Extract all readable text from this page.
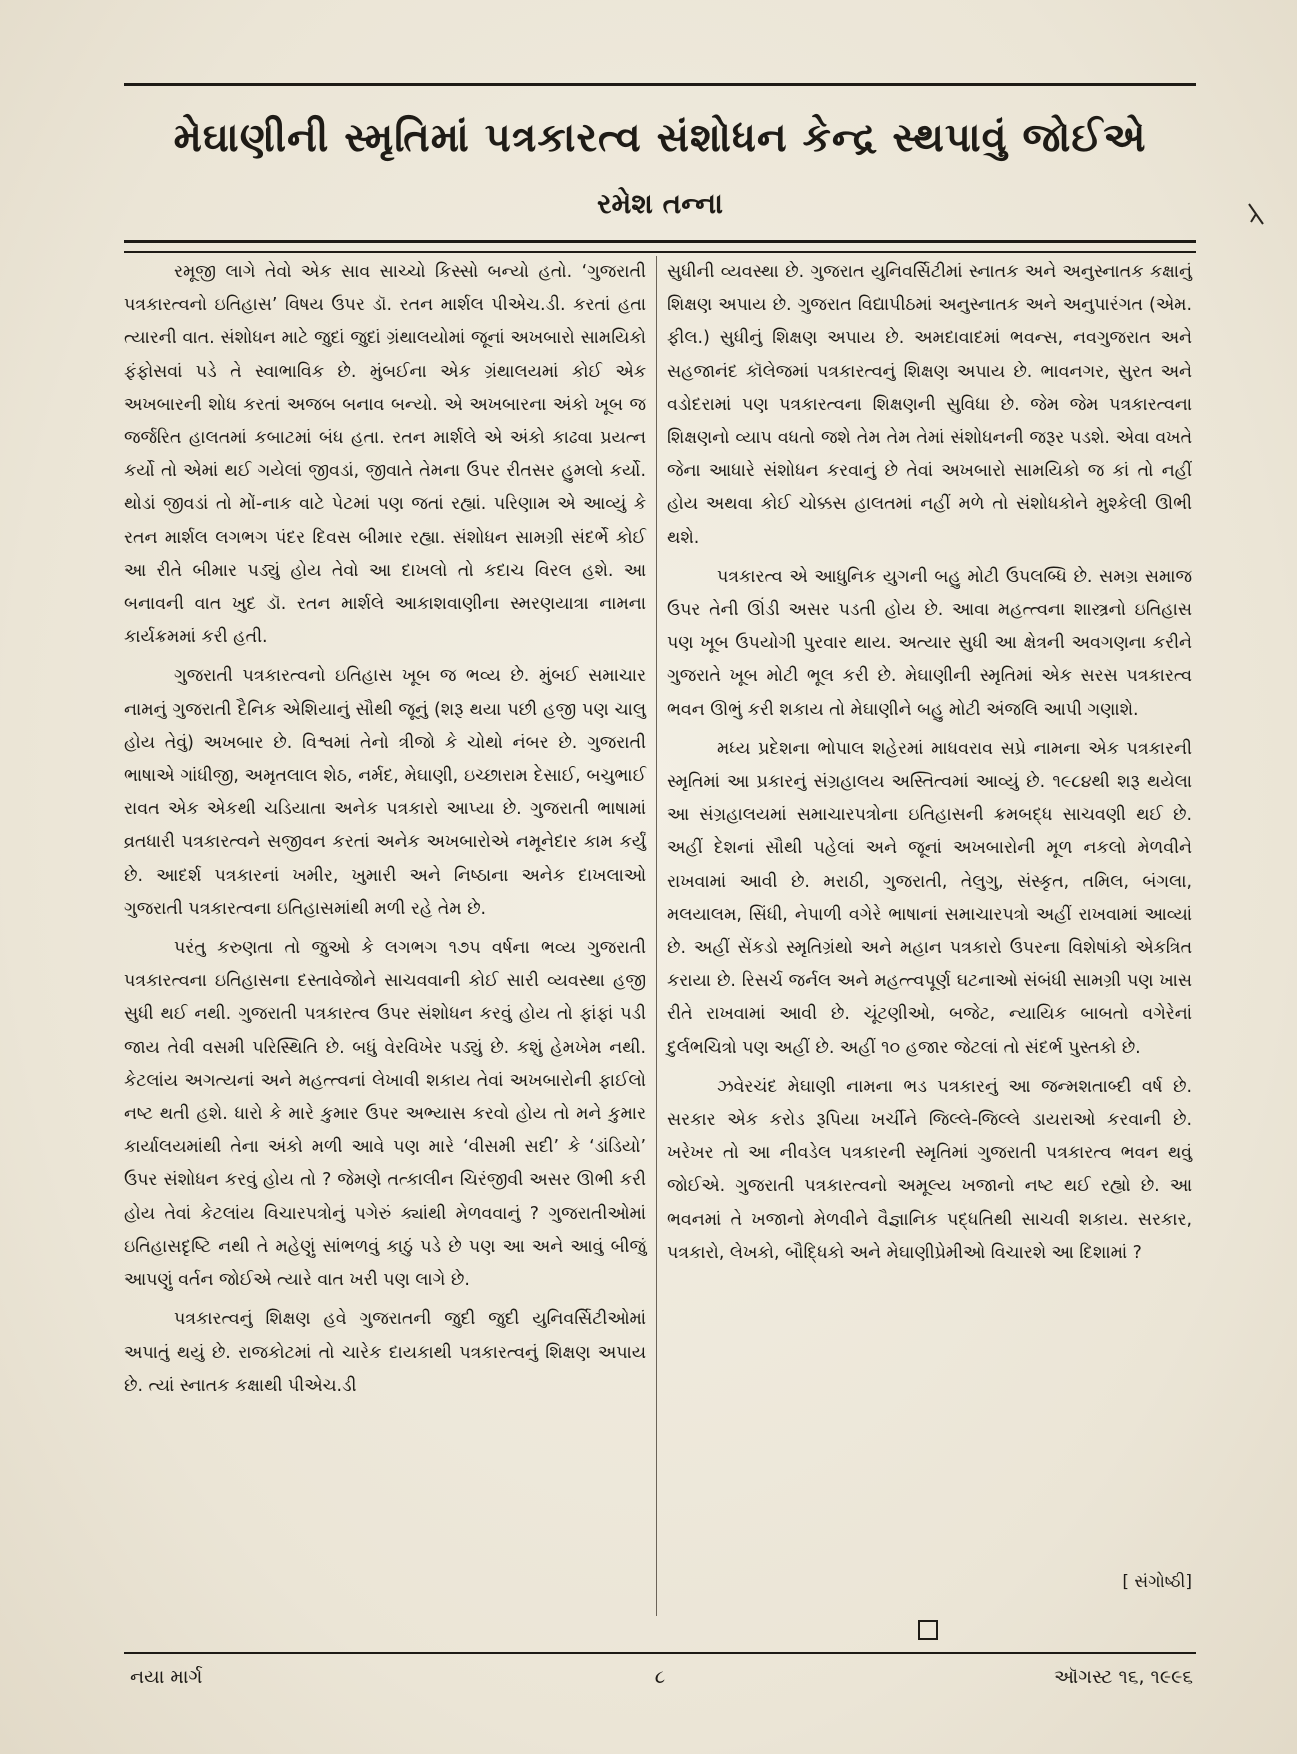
મેઘાણીની સ્મૃતિમાં પત્રકારત્વ સંશોધન કેન્દ્ર સ્થપાવું જોઈએ
રમેશ તન્ના

રમૂજી લાગે તેવો એક સાવ સાચ્ચો કિસ્સો બન્યો હતો. ‘ગુજરાતી પત્રકારત્વનો ઇતિહાસ’ વિષય ઉપર ડૉ. રતન માર્શલ પીએચ.ડી. કરતાં હતા ત્યારની વાત. સંશોધન માટે જુદાં જુદાં ગ્રંથાલયોમાં જૂનાં અખબારો સામયિકો ફંફોસવાં પડે તે સ્વાભાવિક છે. મુંબઈના એક ગ્રંથાલયમાં કોઈ એક અખબારની શોધ કરતાં અજબ બનાવ બન્યો. એ અખબારના અંકો ખૂબ જ જર્જરિત હાલતમાં કબાટમાં બંધ હતા. રતન માર્શલે એ અંકો કાઢવા પ્રયત્ન કર્યો તો એમાં થઈ ગયેલાં જીવડાં, જીવાતે તેમના ઉપર રીતસર હુમલો કર્યો. થોડાં જીવડાં તો મોં-નાક વાટે પેટમાં પણ જતાં રહ્યાં. પરિણામ એ આવ્યું કે રતન માર્શલ લગભગ પંદર દિવસ બીમાર રહ્યા. સંશોધન સામગ્રી સંદર્ભે કોઈ આ રીતે બીમાર પડ્યું હોય તેવો આ દાખલો તો કદાચ વિરલ હશે. આ બનાવની વાત ખુદ ડૉ. રતન માર્શલે આકાશવાણીના સ્મરણયાત્રા નામના કાર્યક્રમમાં કરી હતી.

ગુજરાતી પત્રકારત્વનો ઇતિહાસ ખૂબ જ ભવ્ય છે. મુંબઈ સમાચાર નામનું ગુજરાતી દૈનિક એશિયાનું સૌથી જૂનું (શરૂ થયા પછી હજી પણ ચાલુ હોય તેવું) અખબાર છે. વિશ્વમાં તેનો ત્રીજો કે ચોથો નંબર છે. ગુજરાતી ભાષાએ ગાંધીજી, અમૃતલાલ શેઠ, નર્મદ, મેઘાણી, ઇચ્છારામ દેસાઈ, બચુભાઈ રાવત એક એકથી ચડિયાતા અનેક પત્રકારો આપ્યા છે. ગુજરાતી ભાષામાં વ્રતધારી પત્રકારત્વને સજીવન કરતાં અનેક અખબારોએ નમૂનેદાર કામ કર્યું છે. આદર્શ પત્રકારનાં ખમીર, ખુમારી અને નિષ્ઠાના અનેક દાખલાઓ ગુજરાતી પત્રકારત્વના ઇતિહાસમાંથી મળી રહે તેમ છે.

પરંતુ કરુણતા તો જુઓ કે લગભગ ૧૭૫ વર્ષના ભવ્ય ગુજરાતી પત્રકારત્વના ઇતિહાસના દસ્તાવેજોને સાચવવાની કોઈ સારી વ્યવસ્થા હજી સુધી થઈ નથી. ગુજરાતી પત્રકારત્વ ઉપર સંશોધન કરવું હોય તો ફાંફાં પડી જાય તેવી વસમી પરિસ્થિતિ છે. બધું વેરવિખેર પડ્યું છે. કશું હેમખેમ નથી. કેટલાંય અગત્યનાં અને મહત્ત્વનાં લેખાવી શકાય તેવાં અખબારોની ફાઈલો નષ્ટ થતી હશે. ધારો કે મારે કુમાર ઉપર અભ્યાસ કરવો હોય તો મને કુમાર કાર્યાલયમાંથી તેના અંકો મળી આવે પણ મારે ‘વીસમી સદી’ કે ‘ડાંડિયો’ ઉપર સંશોધન કરવું હોય તો ? જેમણે તત્કાલીન ચિરંજીવી અસર ઊભી કરી હોય તેવાં કેટલાંય વિચારપત્રોનું પગેરું ક્યાંથી મેળવવાનું ? ગુજરાતીઓમાં ઇતિહાસદૃષ્ટિ નથી તે મહેણું સાંભળવું કાઠું પડે છે પણ આ અને આવું બીજું આપણું વર્તન જોઈએ ત્યારે વાત ખરી પણ લાગે છે.

પત્રકારત્વનું શિક્ષણ હવે ગુજરાતની જુદી જુદી યુનિવર્સિટીઓમાં અપાતું થયું છે. રાજકોટમાં તો ચારેક દાયકાથી પત્રકારત્વનું શિક્ષણ અપાય છે. ત્યાં સ્નાતક કક્ષાથી પીએચ.ડી

સુધીની વ્યવસ્થા છે. ગુજરાત યુનિવર્સિટીમાં સ્નાતક અને અનુસ્નાતક કક્ષાનું શિક્ષણ અપાય છે. ગુજરાત વિદ્યાપીઠમાં અનુસ્નાતક અને અનુપારંગત (એમ. ફીલ.) સુધીનું શિક્ષણ અપાય છે. અમદાવાદમાં ભવન્સ, નવગુજરાત અને સહજાનંદ કૉલેજમાં પત્રકારત્વનું શિક્ષણ અપાય છે. ભાવનગર, સુરત અને વડોદરામાં પણ પત્રકારત્વના શિક્ષણની સુવિધા છે. જેમ જેમ પત્રકારત્વના શિક્ષણનો વ્યાપ વધતો જશે તેમ તેમ તેમાં સંશોધનની જરૂર પડશે. એવા વખતે જેના આધારે સંશોધન કરવાનું છે તેવાં અખબારો સામયિકો જ કાં તો નહીં હોય અથવા કોઈ ચોક્કસ હાલતમાં નહીં મળે તો સંશોધકોને મુશ્કેલી ઊભી થશે.

પત્રકારત્વ એ આધુનિક યુગની બહુ મોટી ઉપલબ્ધિ છે. સમગ્ર સમાજ ઉપર તેની ઊંડી અસર પડતી હોય છે. આવા મહત્ત્વના શાસ્ત્રનો ઇતિહાસ પણ ખૂબ ઉપયોગી પુરવાર થાય. અત્યાર સુધી આ ક્ષેત્રની અવગણના કરીને ગુજરાતે ખૂબ મોટી ભૂલ કરી છે. મેઘાણીની સ્મૃતિમાં એક સરસ પત્રકારત્વ ભવન ઊભું કરી શકાય તો મેઘાણીને બહુ મોટી અંજલિ આપી ગણાશે.

મધ્ય પ્રદેશના ભોપાલ શહેરમાં માધવરાવ સપ્રે નામના એક પત્રકારની સ્મૃતિમાં આ પ્રકારનું સંગ્રહાલય અસ્તિત્વમાં આવ્યું છે. ૧૯૮૪થી શરૂ થયેલા આ સંગ્રહાલયમાં સમાચારપત્રોના ઇતિહાસની ક્રમબદ્ધ સાચવણી થઈ છે. અહીં દેશનાં સૌથી પહેલાં અને જૂનાં અખબારોની મૂળ નકલો મેળવીને રાખવામાં આવી છે. મરાઠી, ગુજરાતી, તેલુગુ, સંસ્કૃત, તમિલ, બંગલા, મલયાલમ, સિંધી, નેપાળી વગેરે ભાષાનાં સમાચારપત્રો અહીં રાખવામાં આવ્યાં છે. અહીં સેંકડો સ્મૃતિગ્રંથો અને મહાન પત્રકારો ઉપરના વિશેષાંકો એકત્રિત કરાયા છે. રિસર્ચ જર્નલ અને મહત્ત્વપૂર્ણ ઘટનાઓ સંબંધી સામગ્રી પણ ખાસ રીતે રાખવામાં આવી છે. ચૂંટણીઓ, બજેટ, ન્યાયિક બાબતો વગેરેનાં દુર્લભચિત્રો પણ અહીં છે. અહીં ૧૦ હજાર જેટલાં તો સંદર્ભ પુસ્તકો છે.

ઝવેરચંદ મેઘાણી નામના ભડ પત્રકારનું આ જન્મશતાબ્દી વર્ષ છે. સરકાર એક કરોડ રૂપિયા ખર્ચીને જિલ્લે-જિલ્લે ડાયરાઓ કરવાની છે. ખરેખર તો આ નીવડેલ પત્રકારની સ્મૃતિમાં ગુજરાતી પત્રકારત્વ ભવન થવું જોઈએ. ગુજરાતી પત્રકારત્વનો અમૂલ્ય ખજાનો નષ્ટ થઈ રહ્યો છે. આ ભવનમાં તે ખજાનો મેળવીને વૈજ્ઞાનિક પદ્ધતિથી સાચવી શકાય. સરકાર, પત્રકારો, લેખકો, બૌદ્ધિકો અને મેઘાણીપ્રેમીઓ વિચારશે આ દિશામાં ?

[ સંગોષ્ઠી]

નયા માર્ગ	૮	ઑગસ્ટ ૧૬, ૧૯૯૬
